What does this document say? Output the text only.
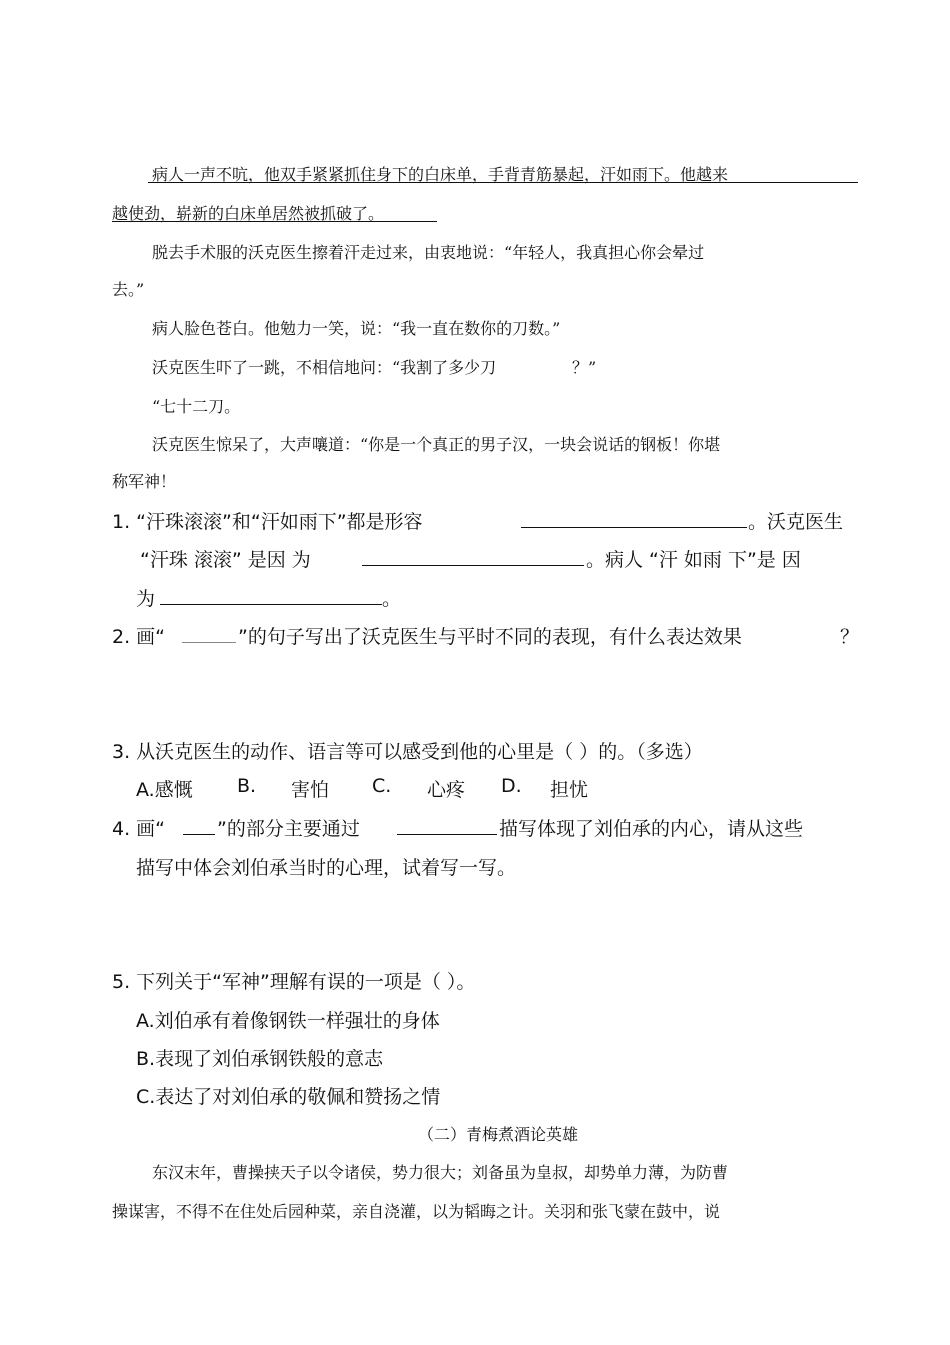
病人一声不吭，他双手紧紧抓住身下的白床单，手背青筋暴起，汗如雨下。他越来
越使劲，崭新的白床单居然被抓破了。
脱去手术服的沃克医生擦着汗走过来，由衷地说：“年轻人，我真担心你会晕过
去。”
病人脸色苍白。他勉力一笑，说：“我一直在数你的刀数。”
沃克医生吓了一跳，不相信地问：“我割了多少刀	？”
“七十二刀。
沃克医生惊呆了，大声嚷道：“你是一个真正的男子汉，一块会说话的钢板！你堪
称军神！
1. “汗珠滚滚”和“汗如雨下”都是形容	。沃克医生
“汗珠 滚滚” 是因 为	。病人 “汗 如雨 下”是 因
为	。
2. 画“	”的句子写出了沃克医生与平时不同的表现，有什么表达效果	？
3. 从沃克医生的动作、语言等可以感受到他的心里是（ ）的。（多选）
A.感慨 B. 害怕 C. 心疼 D. 担忧
4. 画“	”的部分主要通过	描写体现了刘伯承的内心，请从这些
描写中体会刘伯承当时的心理，试着写一写。
5. 下列关于“军神”理解有误的一项是（ ）。
A.刘伯承有着像钢铁一样强壮的身体
B.表现了刘伯承钢铁般的意志
C.表达了对刘伯承的敬佩和赞扬之情
（二）青梅煮酒论英雄
东汉末年，曹操挟天子以令诸侯，势力很大；刘备虽为皇叔，却势单力薄，为防曹
操谋害，不得不在住处后园种菜，亲自浇灌，以为韬晦之计。关羽和张飞蒙在鼓中，说
